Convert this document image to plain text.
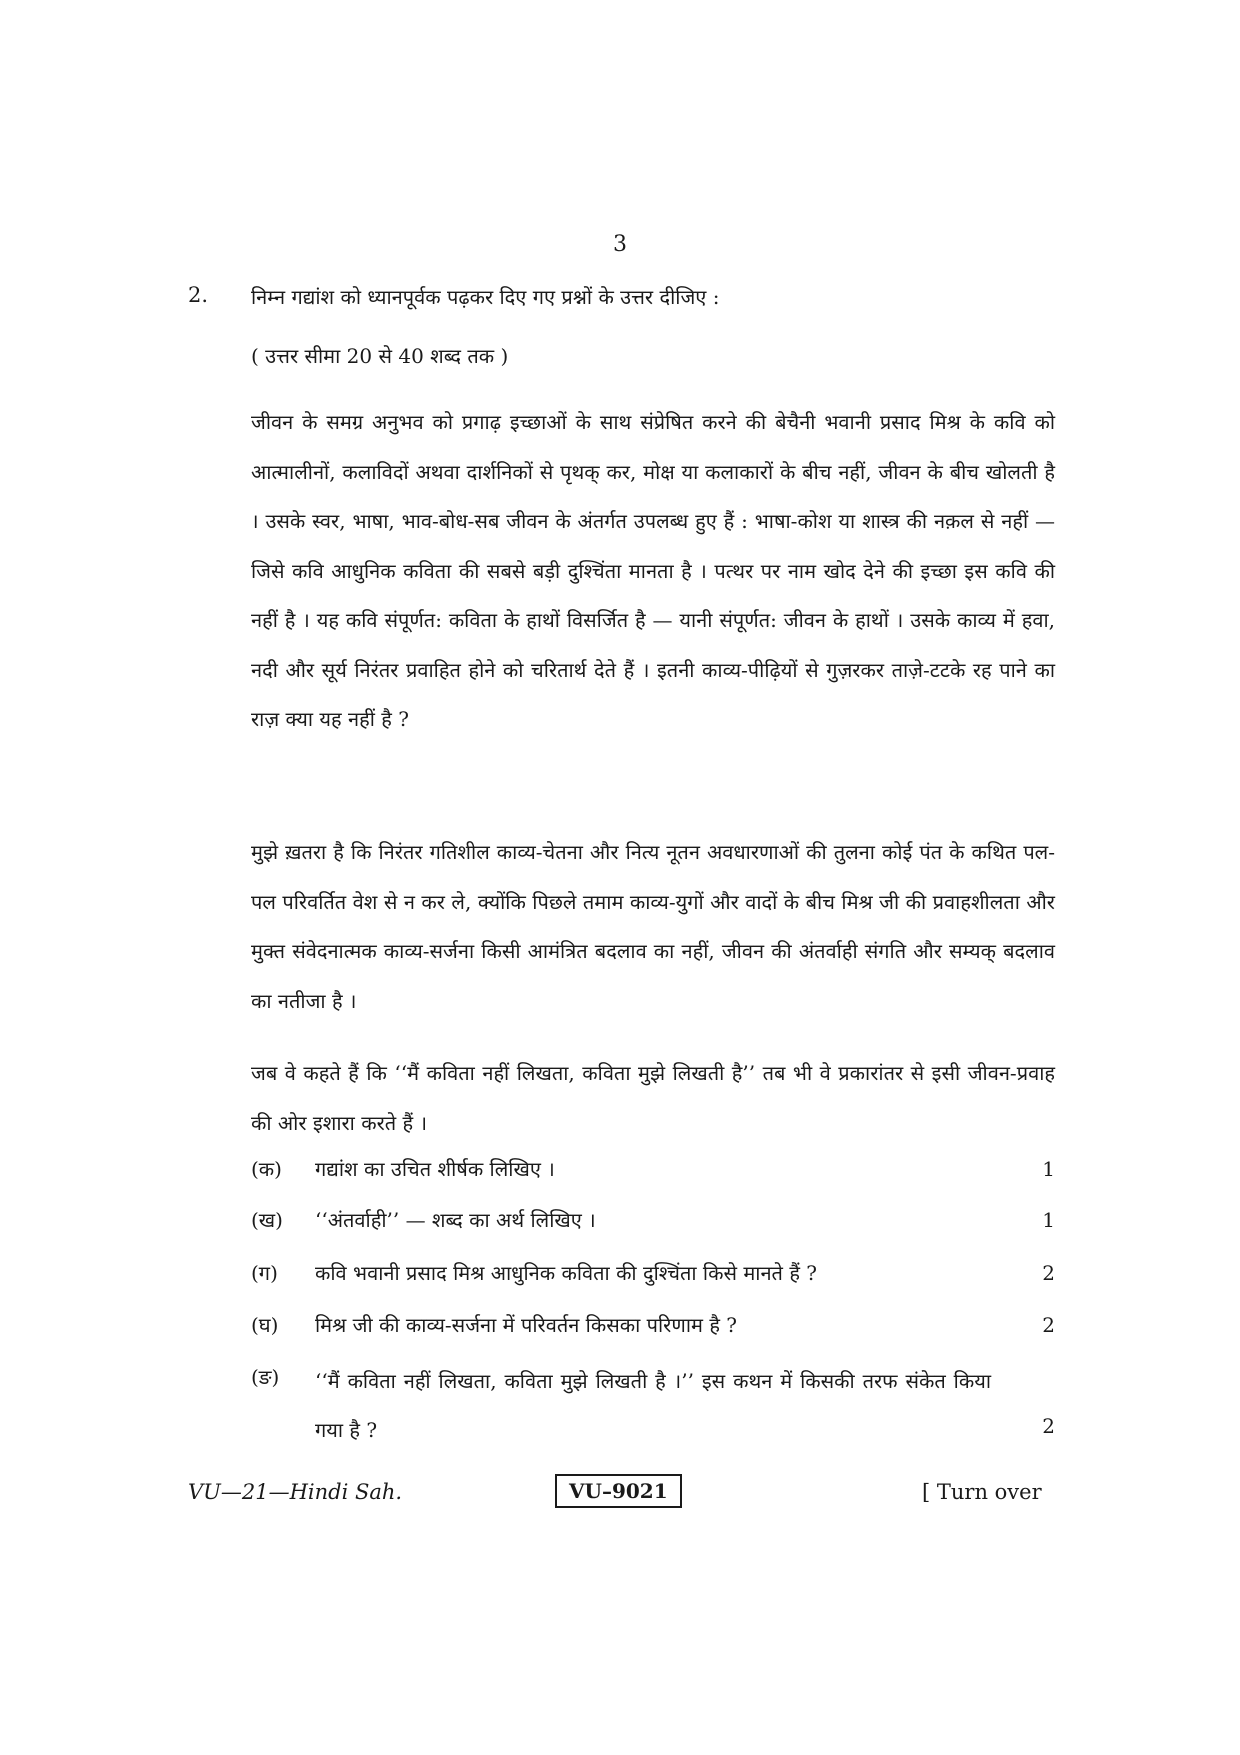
3
2. निम्न गद्यांश को ध्यानपूर्वक पढ़कर दिए गए प्रश्नों के उत्तर दीजिए :
( उत्तर सीमा 20 से 40 शब्द तक )

जीवन के समग्र अनुभव को प्रगाढ़ इच्छाओं के साथ संप्रेषित करने की बेचैनी भवानी प्रसाद मिश्र के कवि को आत्मालीनों, कलाविदों अथवा दार्शनिकों से पृथक् कर, मोक्ष या कलाकारों के बीच नहीं, जीवन के बीच खोलती है । उसके स्वर, भाषा, भाव-बोध-सब जीवन के अंतर्गत उपलब्ध हुए हैं : भाषा-कोश या शास्त्र की नक़ल से नहीं — जिसे कवि आधुनिक कविता की सबसे बड़ी दुश्चिंता मानता है । पत्थर पर नाम खोद देने की इच्छा इस कवि की नहीं है । यह कवि संपूर्णत: कविता के हाथों विसर्जित है — यानी संपूर्णत: जीवन के हाथों । उसके काव्य में हवा, नदी और सूर्य निरंतर प्रवाहित होने को चरितार्थ देते हैं । इतनी काव्य-पीढ़ियों से गुज़रकर ताज़े-टटके रह पाने का राज़ क्या यह नहीं है ?

मुझे ख़तरा है कि निरंतर गतिशील काव्य-चेतना और नित्य नूतन अवधारणाओं की तुलना कोई पंत के कथित पल-पल परिवर्तित वेश से न कर ले, क्योंकि पिछले तमाम काव्य-युगों और वादों के बीच मिश्र जी की प्रवाहशीलता और मुक्त संवेदनात्मक काव्य-सर्जना किसी आमंत्रित बदलाव का नहीं, जीवन की अंतर्वाही संगति और सम्यक् बदलाव का नतीजा है ।

जब वे कहते हैं कि ‘‘मैं कविता नहीं लिखता, कविता मुझे लिखती है’’ तब भी वे प्रकारांतर से इसी जीवन-प्रवाह की ओर इशारा करते हैं ।

(क) गद्यांश का उचित शीर्षक लिखिए ।	1
(ख) ‘‘अंतर्वाही’’ — शब्द का अर्थ लिखिए ।	1
(ग) कवि भवानी प्रसाद मिश्र आधुनिक कविता की दुश्चिंता किसे मानते हैं ?	2
(घ) मिश्र जी की काव्य-सर्जना में परिवर्तन किसका परिणाम है ?	2
(ङ) ‘‘मैं कविता नहीं लिखता, कविता मुझे लिखती है ।’’ इस कथन में किसकी तरफ संकेत किया गया है ?	2
VU—21—Hindi Sah.	VU–9021	[ Turn over
